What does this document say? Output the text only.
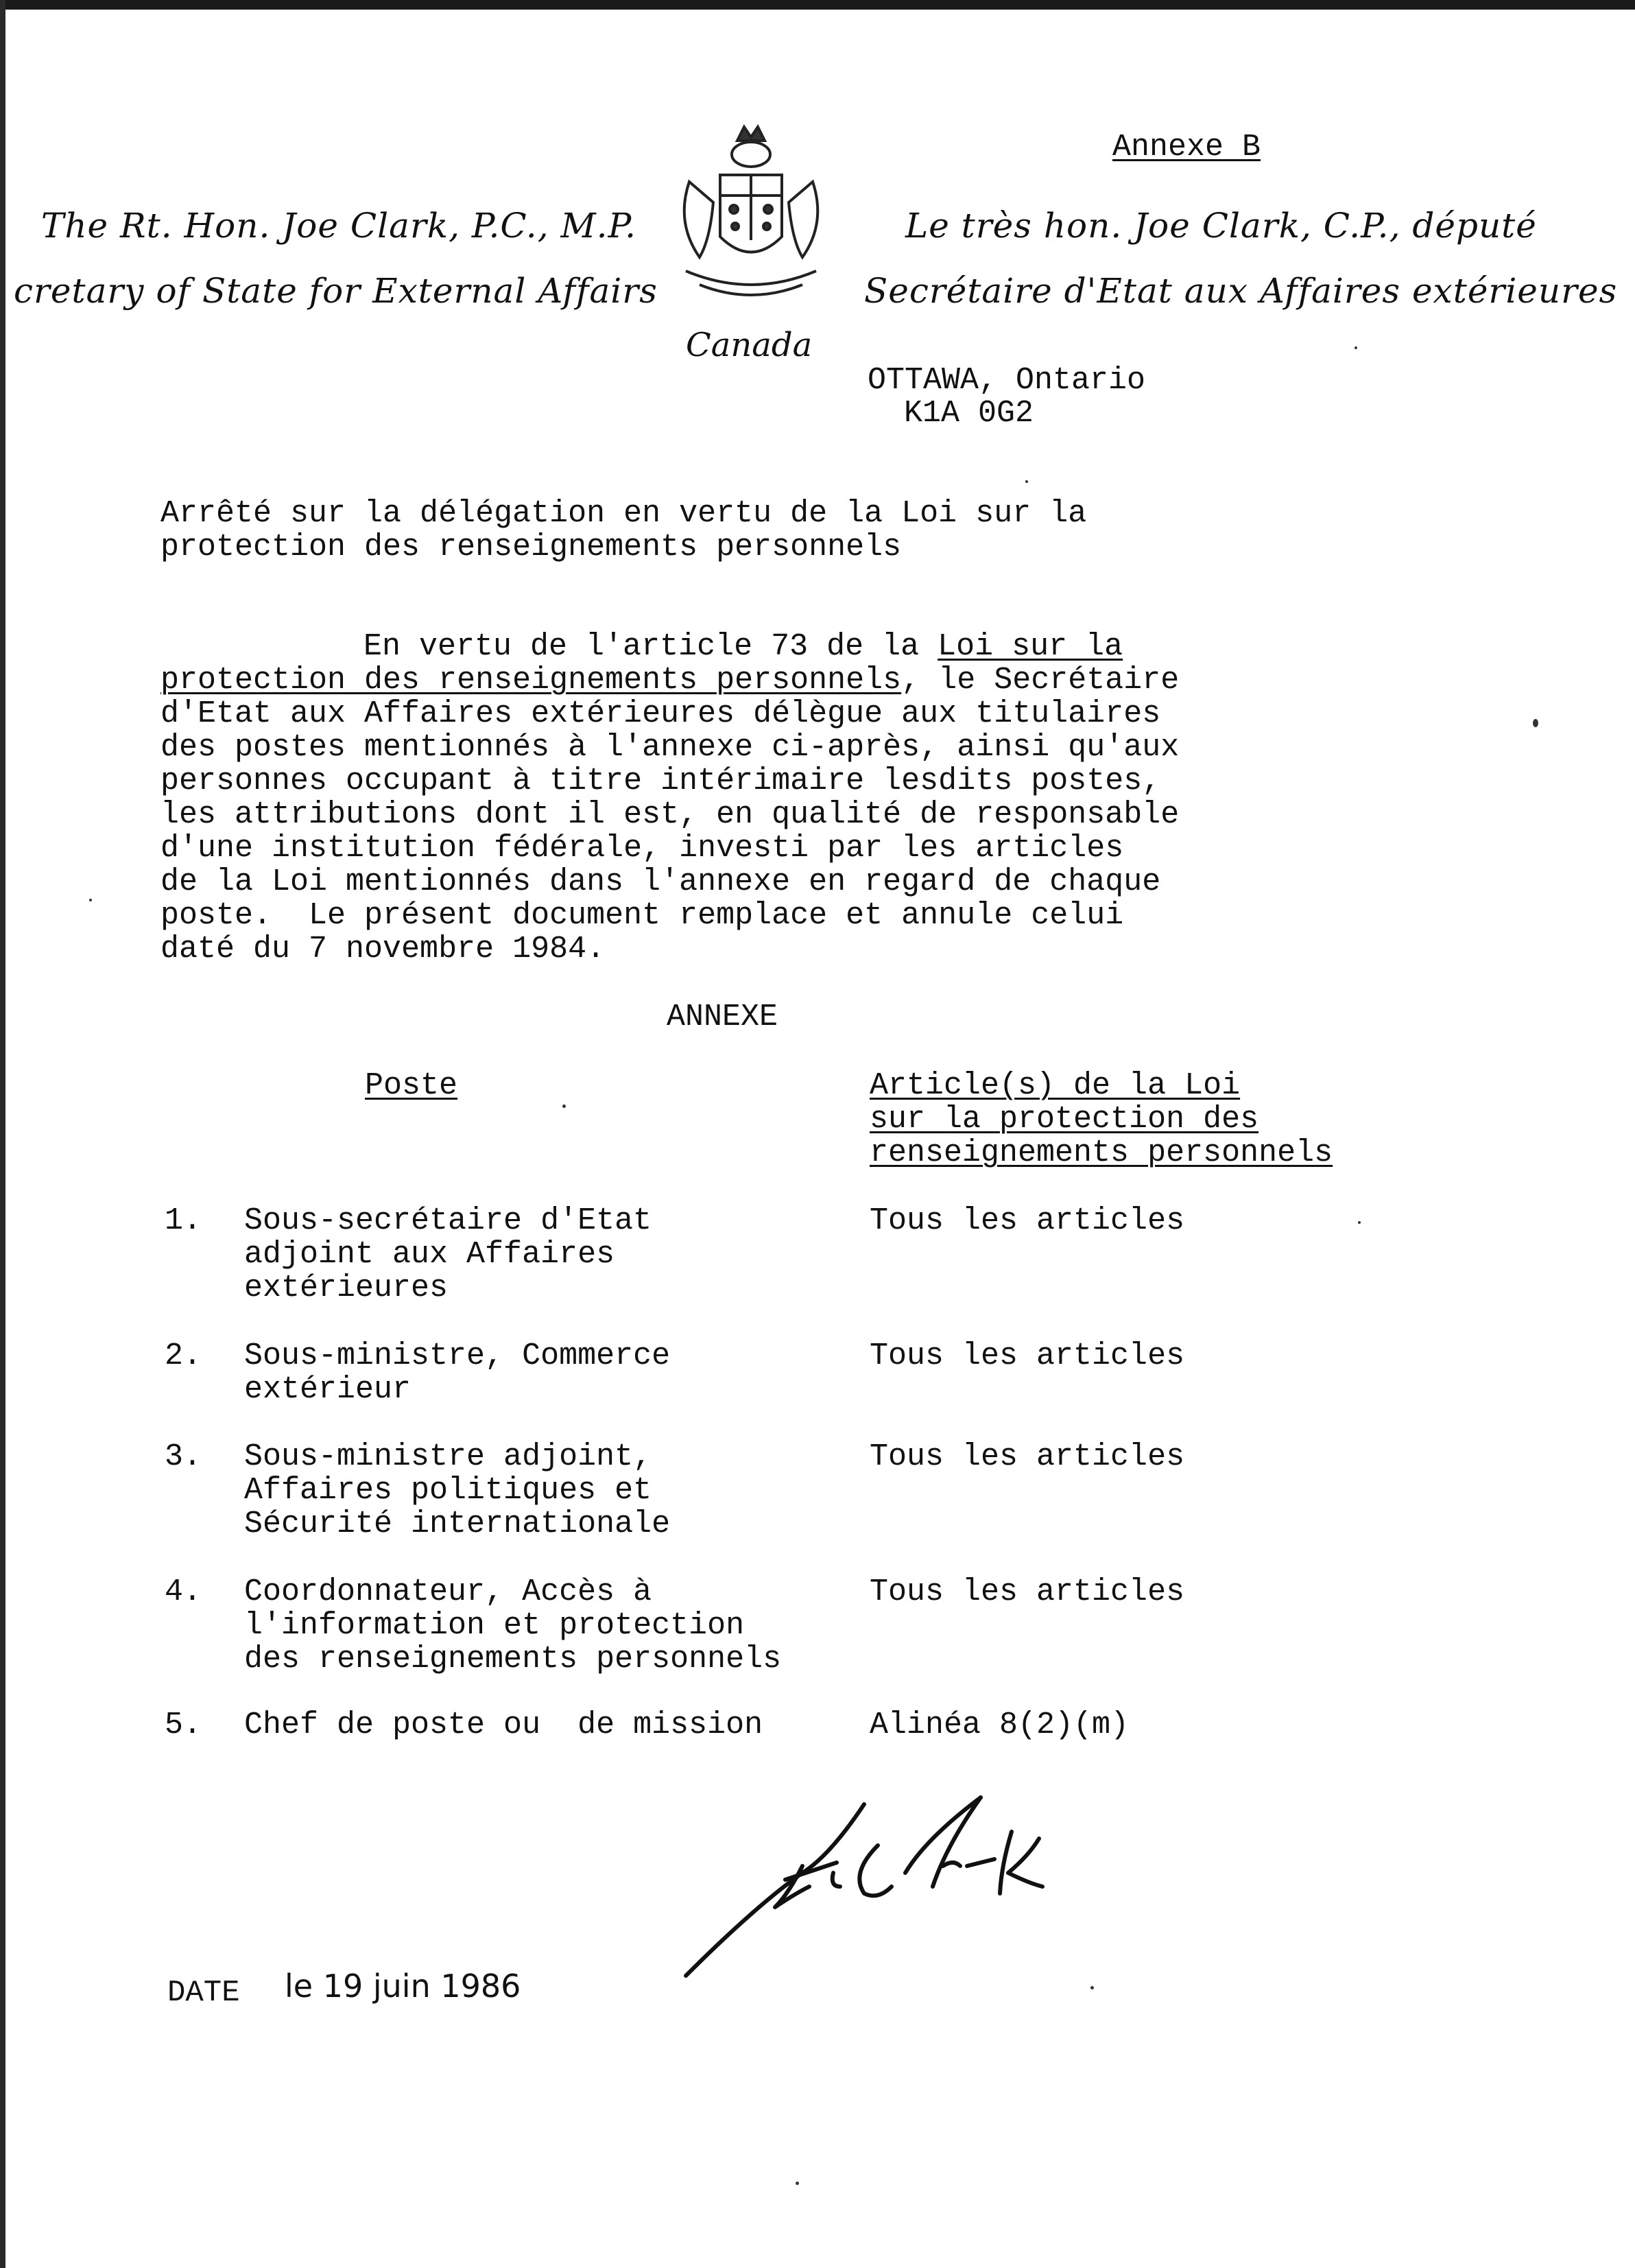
Annexe B
The Rt. Hon. Joe Clark, P.C., M.P.
cretary of State for External Affairs
Canada
Le très hon. Joe Clark, C.P., député
Secrétaire d'Etat aux Affaires extérieures
OTTAWA, Ontario
K1A 0G2
Arrêté sur la délégation en vertu de la Loi sur la
protection des renseignements personnels
En vertu de l'article 73 de la Loi sur la
protection des renseignements personnels, le Secrétaire
d'Etat aux Affaires extérieures délègue aux titulaires
des postes mentionnés à l'annexe ci-après, ainsi qu'aux
personnes occupant à titre intérimaire lesdits postes,
les attributions dont il est, en qualité de responsable
d'une institution fédérale, investi par les articles
de la Loi mentionnés dans l'annexe en regard de chaque
poste.  Le présent document remplace et annule celui
daté du 7 novembre 1984.
ANNEXE
Poste	Article(s) de la Loi
sur la protection des
renseignements personnels
1. Sous-secrétaire d'Etat
adjoint aux Affaires
extérieures
Tous les articles
2. Sous-ministre, Commerce
extérieur
Tous les articles
3. Sous-ministre adjoint,
Affaires politiques et
Sécurité internationale
Tous les articles
4. Coordonnateur, Accès à
l'information et protection
des renseignements personnels
Tous les articles
5. Chef de poste ou  de mission	Alinéa 8(2)(m)
DATE le 19 juin 1986
